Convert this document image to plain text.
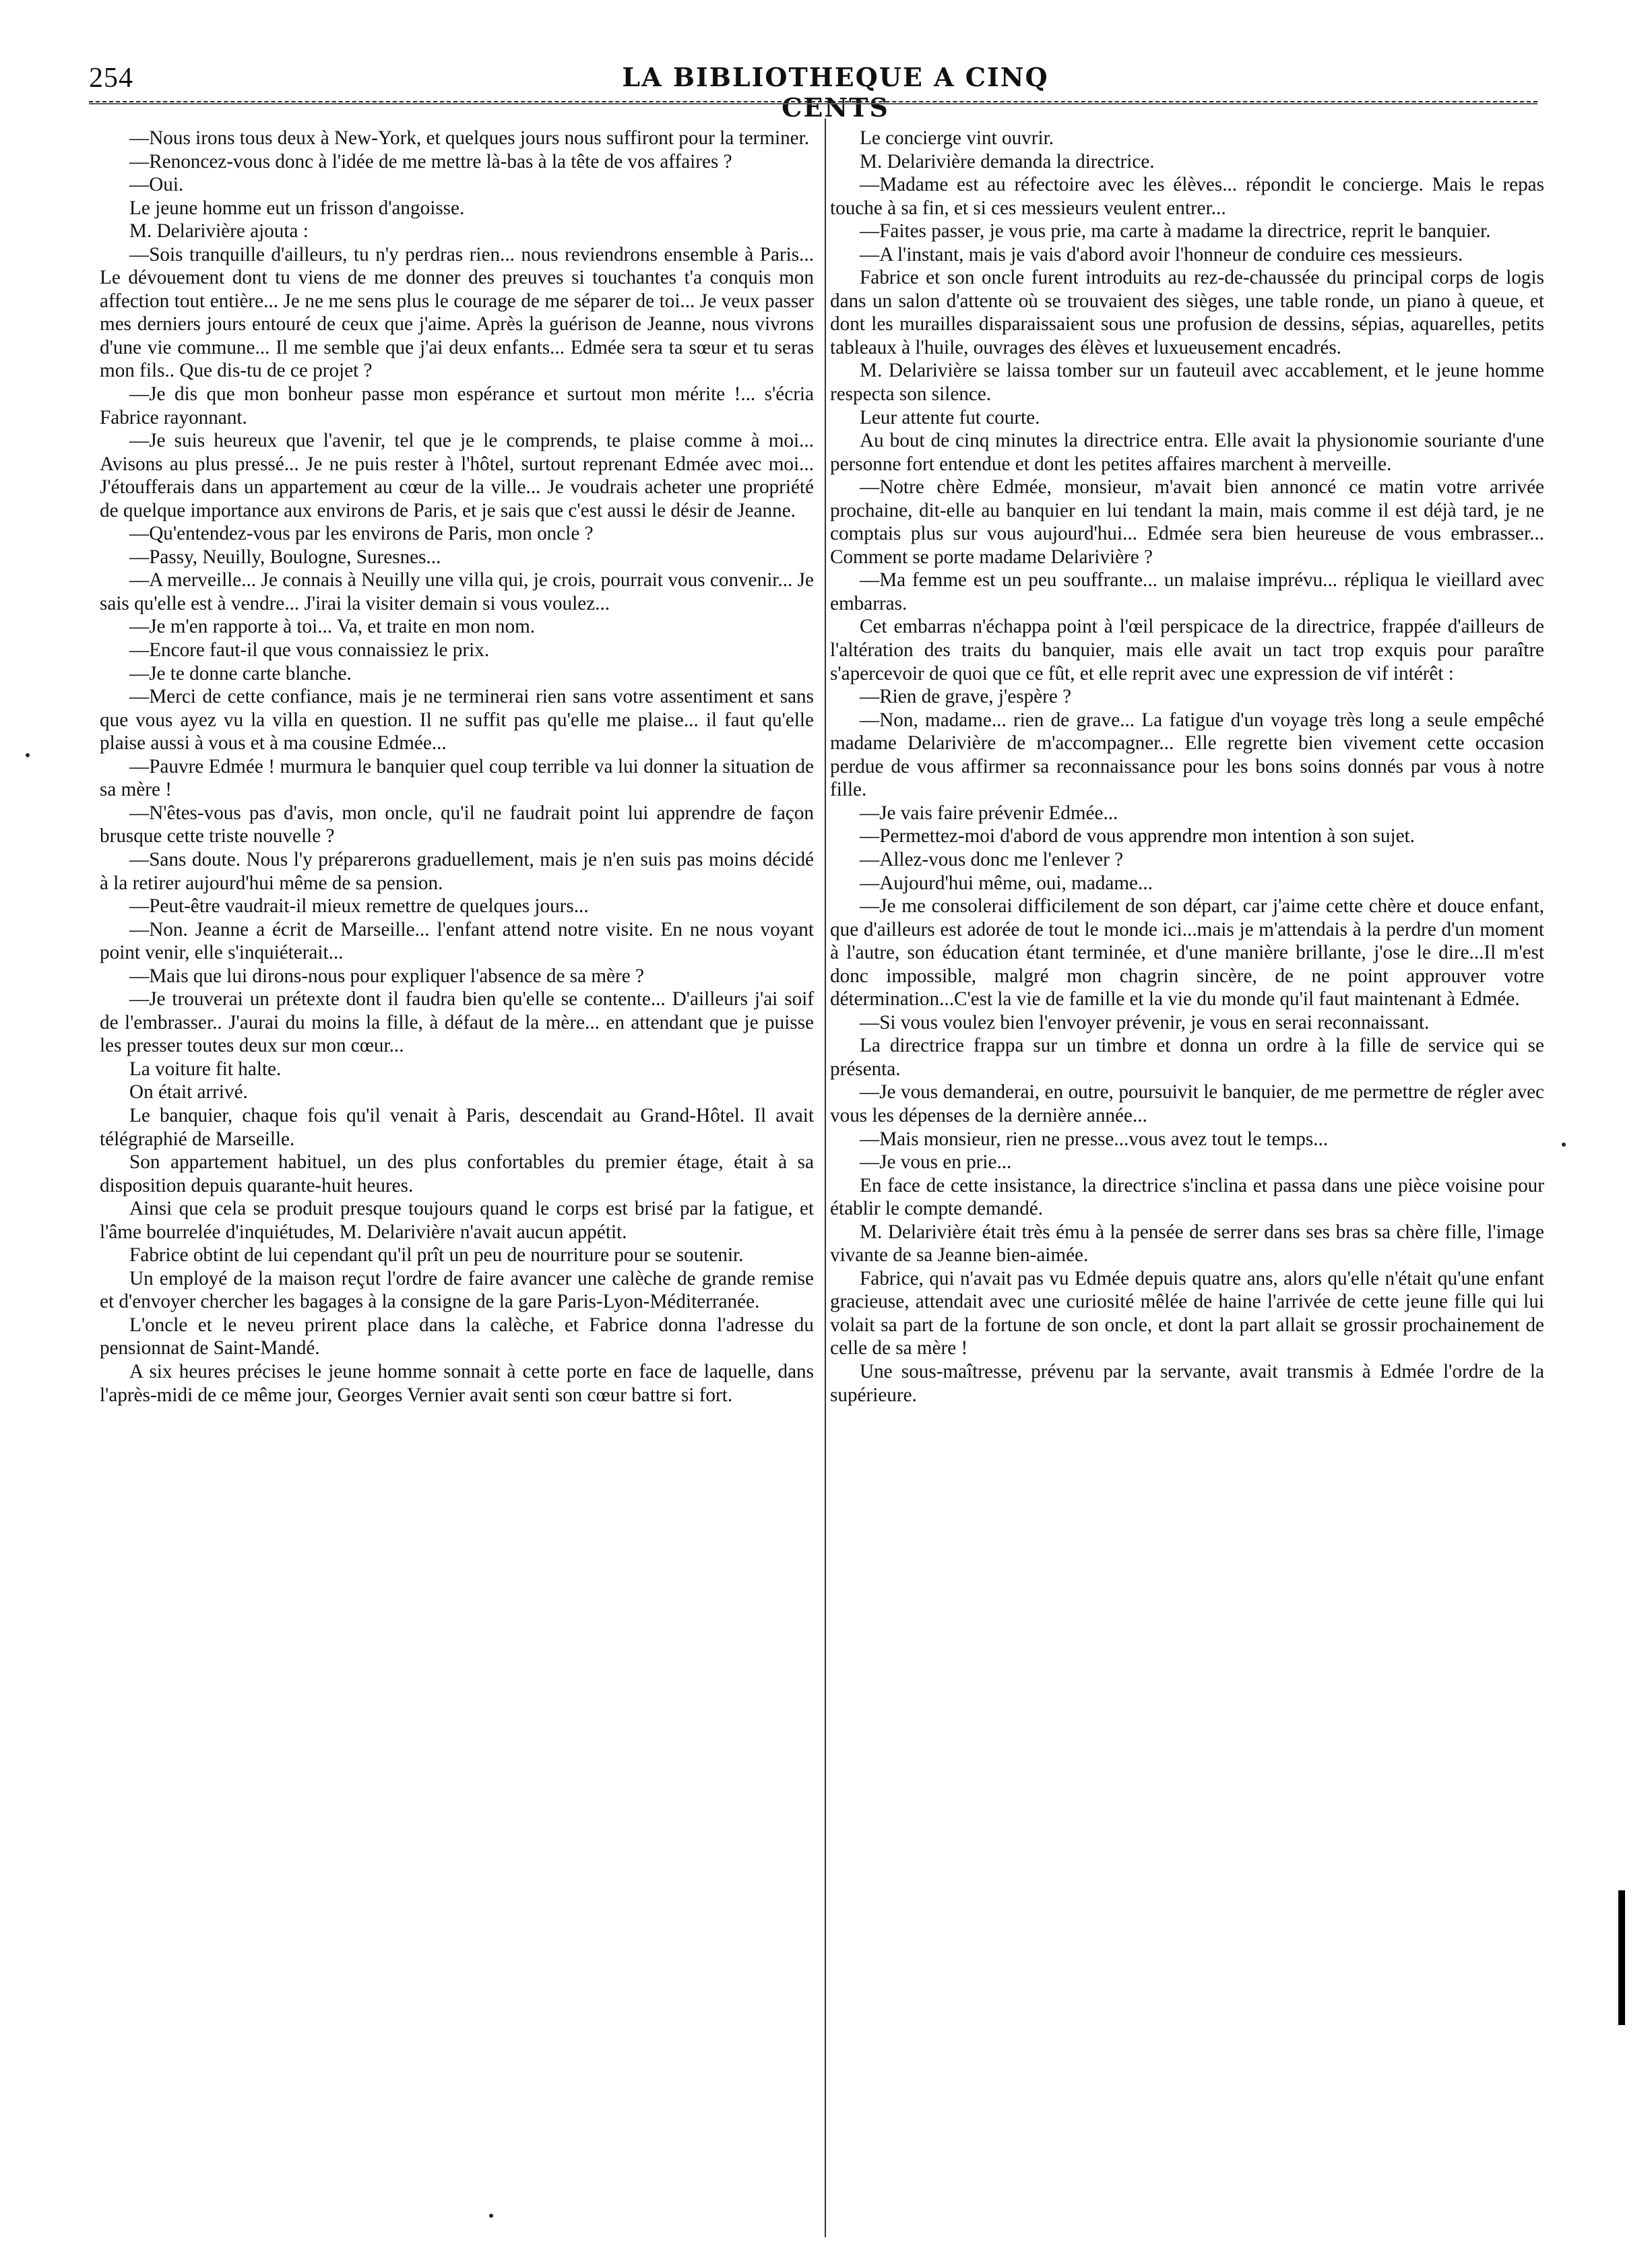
254	LA BIBLIOTHEQUE A CINQ CENTS

—Nous irons tous deux à New-York, et quelques jours nous suffiront pour la terminer.

—Renoncez-vous donc à l'idée de me mettre là-bas à la tête de vos affaires ?

—Oui.

Le jeune homme eut un frisson d'angoisse.

M. Delarivière ajouta :

—Sois tranquille d'ailleurs, tu n'y perdras rien... nous reviendrons ensemble à Paris... Le dévouement dont tu viens de me donner des preuves si touchantes t'a conquis mon affection tout entière... Je ne me sens plus le courage de me séparer de toi... Je veux passer mes derniers jours entouré de ceux que j'aime. Après la guérison de Jeanne, nous vivrons d'une vie commune... Il me semble que j'ai deux enfants... Edmée sera ta sœur et tu seras mon fils.. Que dis-tu de ce projet ?

—Je dis que mon bonheur passe mon espérance et surtout mon mérite !... s'écria Fabrice rayonnant.

—Je suis heureux que l'avenir, tel que je le comprends, te plaise comme à moi... Avisons au plus pressé... Je ne puis rester à l'hôtel, surtout reprenant Edmée avec moi... J'étoufferais dans un appartement au cœur de la ville... Je voudrais acheter une propriété de quelque importance aux environs de Paris, et je sais que c'est aussi le désir de Jeanne.

—Qu'entendez-vous par les environs de Paris, mon oncle ?

—Passy, Neuilly, Boulogne, Suresnes...

—A merveille... Je connais à Neuilly une villa qui, je crois, pourrait vous convenir... Je sais qu'elle est à vendre... J'irai la visiter demain si vous voulez...

—Je m'en rapporte à toi... Va, et traite en mon nom.

—Encore faut-il que vous connaissiez le prix.

—Je te donne carte blanche.

—Merci de cette confiance, mais je ne terminerai rien sans votre assentiment et sans que vous ayez vu la villa en question. Il ne suffit pas qu'elle me plaise... il faut qu'elle plaise aussi à vous et à ma cousine Edmée...

—Pauvre Edmée ! murmura le banquier quel coup terrible va lui donner la situation de sa mère !

—N'êtes-vous pas d'avis, mon oncle, qu'il ne faudrait point lui apprendre de façon brusque cette triste nouvelle ?

—Sans doute. Nous l'y préparerons graduellement, mais je n'en suis pas moins décidé à la retirer aujourd'hui même de sa pension.

—Peut-être vaudrait-il mieux remettre de quelques jours...

—Non. Jeanne a écrit de Marseille... l'enfant attend notre visite. En ne nous voyant point venir, elle s'inquiéterait...

—Mais que lui dirons-nous pour expliquer l'absence de sa mère ?

—Je trouverai un prétexte dont il faudra bien qu'elle se contente... D'ailleurs j'ai soif de l'embrasser.. J'aurai du moins la fille, à défaut de la mère... en attendant que je puisse les presser toutes deux sur mon cœur...

La voiture fit halte.

On était arrivé.

Le banquier, chaque fois qu'il venait à Paris, descendait au Grand-Hôtel. Il avait télégraphié de Marseille.

Son appartement habituel, un des plus confortables du premier étage, était à sa disposition depuis quarante-huit heures.

Ainsi que cela se produit presque toujours quand le corps est brisé par la fatigue, et l'âme bourrelée d'inquiétudes, M. Delarivière n'avait aucun appétit.

Fabrice obtint de lui cependant qu'il prît un peu de nourriture pour se soutenir.

Un employé de la maison reçut l'ordre de faire avancer une calèche de grande remise et d'envoyer chercher les bagages à la consigne de la gare Paris-Lyon-Méditerranée.

L'oncle et le neveu prirent place dans la calèche, et Fabrice donna l'adresse du pensionnat de Saint-Mandé.

A six heures précises le jeune homme sonnait à cette porte en face de laquelle, dans l'après-midi de ce même jour, Georges Vernier avait senti son cœur battre si fort.

Le concierge vint ouvrir.

M. Delarivière demanda la directrice.

—Madame est au réfectoire avec les élèves... répondit le concierge. Mais le repas touche à sa fin, et si ces messieurs veulent entrer...

—Faites passer, je vous prie, ma carte à madame la directrice, reprit le banquier.

—A l'instant, mais je vais d'abord avoir l'honneur de conduire ces messieurs.

Fabrice et son oncle furent introduits au rez-de-chaussée du principal corps de logis dans un salon d'attente où se trouvaient des sièges, une table ronde, un piano à queue, et dont les murailles disparaissaient sous une profusion de dessins, sépias, aquarelles, petits tableaux à l'huile, ouvrages des élèves et luxueusement encadrés.

M. Delarivière se laissa tomber sur un fauteuil avec accablement, et le jeune homme respecta son silence.

Leur attente fut courte.

Au bout de cinq minutes la directrice entra. Elle avait la physionomie souriante d'une personne fort entendue et dont les petites affaires marchent à merveille.

—Notre chère Edmée, monsieur, m'avait bien annoncé ce matin votre arrivée prochaine, dit-elle au banquier en lui tendant la main, mais comme il est déjà tard, je ne comptais plus sur vous aujourd'hui... Edmée sera bien heureuse de vous embrasser... Comment se porte madame Delarivière ?

—Ma femme est un peu souffrante... un malaise imprévu... répliqua le vieillard avec embarras.

Cet embarras n'échappa point à l'œil perspicace de la directrice, frappée d'ailleurs de l'altération des traits du banquier, mais elle avait un tact trop exquis pour paraître s'apercevoir de quoi que ce fût, et elle reprit avec une expression de vif intérêt :

—Rien de grave, j'espère ?

—Non, madame... rien de grave... La fatigue d'un voyage très long a seule empêché madame Delarivière de m'accompagner... Elle regrette bien vivement cette occasion perdue de vous affirmer sa reconnaissance pour les bons soins donnés par vous à notre fille.

—Je vais faire prévenir Edmée...

—Permettez-moi d'abord de vous apprendre mon intention à son sujet.

—Allez-vous donc me l'enlever ?

—Aujourd'hui même, oui, madame...

—Je me consolerai difficilement de son départ, car j'aime cette chère et douce enfant, que d'ailleurs est adorée de tout le monde ici...mais je m'attendais à la perdre d'un moment à l'autre, son éducation étant terminée, et d'une manière brillante, j'ose le dire...Il m'est donc impossible, malgré mon chagrin sincère, de ne point approuver votre détermination...C'est la vie de famille et la vie du monde qu'il faut maintenant à Edmée.

—Si vous voulez bien l'envoyer prévenir, je vous en serai reconnaissant.

La directrice frappa sur un timbre et donna un ordre à la fille de service qui se présenta.

—Je vous demanderai, en outre, poursuivit le banquier, de me permettre de régler avec vous les dépenses de la dernière année...

—Mais monsieur, rien ne presse...vous avez tout le temps...

—Je vous en prie...

En face de cette insistance, la directrice s'inclina et passa dans une pièce voisine pour établir le compte demandé.

M. Delarivière était très ému à la pensée de serrer dans ses bras sa chère fille, l'image vivante de sa Jeanne bien-aimée.

Fabrice, qui n'avait pas vu Edmée depuis quatre ans, alors qu'elle n'était qu'une enfant gracieuse, attendait avec une curiosité mêlée de haine l'arrivée de cette jeune fille qui lui volait sa part de la fortune de son oncle, et dont la part allait se grossir prochainement de celle de sa mère !

Une sous-maîtresse, prévenu par la servante, avait transmis à Edmée l'ordre de la supérieure.
